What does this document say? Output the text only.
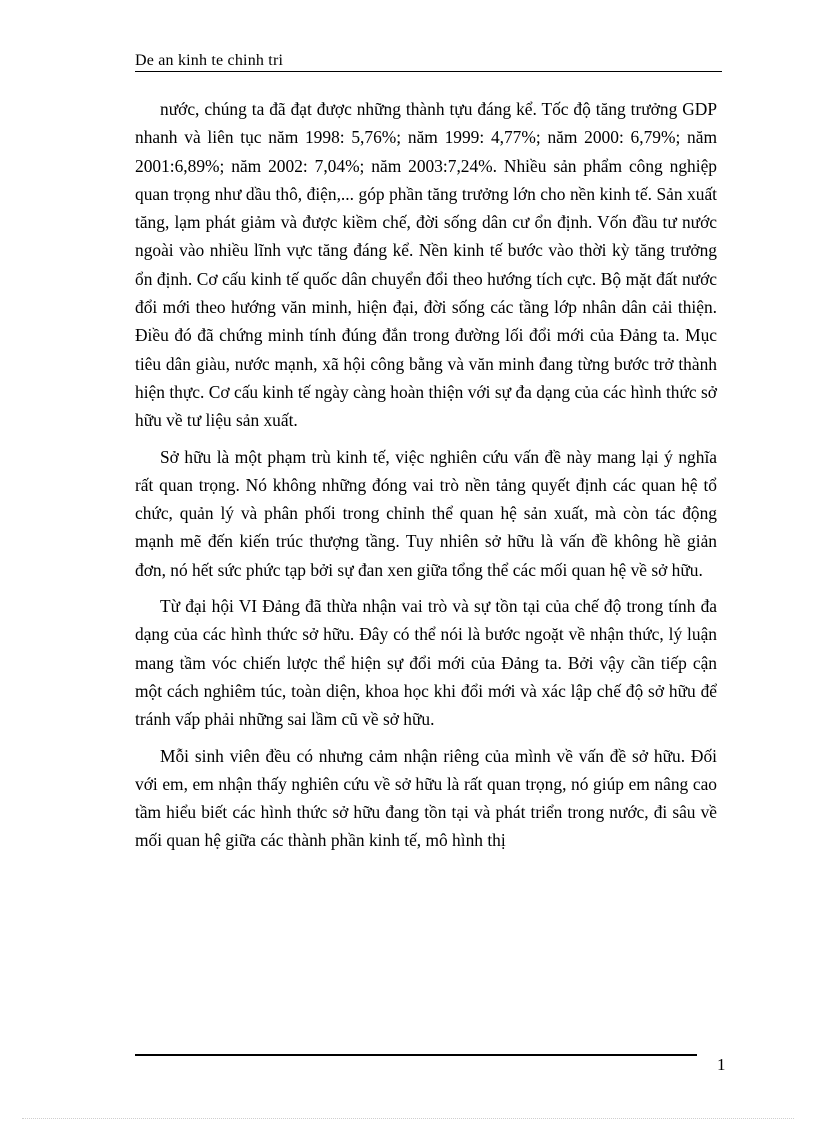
De an kinh te chinh tri

nước, chúng ta đã đạt được những thành tựu đáng kể. Tốc độ tăng trưởng GDP nhanh và liên tục năm 1998: 5,76%; năm 1999: 4,77%; năm 2000: 6,79%; năm 2001:6,89%; năm 2002: 7,04%; năm 2003:7,24%. Nhiều sản phẩm công nghiệp quan trọng như dầu thô, điện,... góp phần tăng trưởng lớn cho nền kinh tế. Sản xuất tăng, lạm phát giảm và được kiềm chế, đời sống dân cư ổn định. Vốn đầu tư nước ngoài vào nhiều lĩnh vực tăng đáng kể. Nền kinh tế bước vào thời kỳ tăng trưởng ổn định. Cơ cấu kinh tế quốc dân chuyển đổi theo hướng tích cực. Bộ mặt đất nước đổi mới theo hướng văn minh, hiện đại, đời sống các tầng lớp nhân dân cải thiện. Điều đó đã chứng minh tính đúng đắn trong đường lối đổi mới của Đảng ta. Mục tiêu dân giàu, nước mạnh, xã hội công bằng và văn minh đang từng bước trở thành hiện thực. Cơ cấu kinh tế ngày càng hoàn thiện với sự đa dạng của các hình thức sở hữu về tư liệu sản xuất.

Sở hữu là một phạm trù kinh tế, việc nghiên cứu vấn đề này mang lại ý nghĩa rất quan trọng. Nó không những đóng vai trò nền tảng quyết định các quan hệ tổ chức, quản lý và phân phối trong chỉnh thể quan hệ sản xuất, mà còn tác động mạnh mẽ đến kiến trúc thượng tầng. Tuy nhiên sở hữu là vấn đề không hề giản đơn, nó hết sức phức tạp bởi sự đan xen giữa tổng thể các mối quan hệ về sở hữu.

Từ đại hội VI Đảng đã thừa nhận vai trò và sự tồn tại của chế độ trong tính đa dạng của các hình thức sở hữu. Đây có thể nói là bước ngoặt về nhận thức, lý luận mang tầm vóc chiến lược thể hiện sự đổi mới của Đảng ta. Bởi vậy cần tiếp cận một cách nghiêm túc, toàn diện, khoa học khi đổi mới và xác lập chế độ sở hữu để tránh vấp phải những sai lầm cũ về sở hữu.

Mỗi sinh viên đều có nhưng cảm nhận riêng của mình về vấn đề sở hữu. Đối với em, em nhận thấy nghiên cứu về sở hữu là rất quan trọng, nó giúp em nâng cao tầm hiểu biết các hình thức sở hữu đang tồn tại và phát triển trong nước, đi sâu về mối quan hệ giữa các thành phần kinh tế, mô hình thị

1
